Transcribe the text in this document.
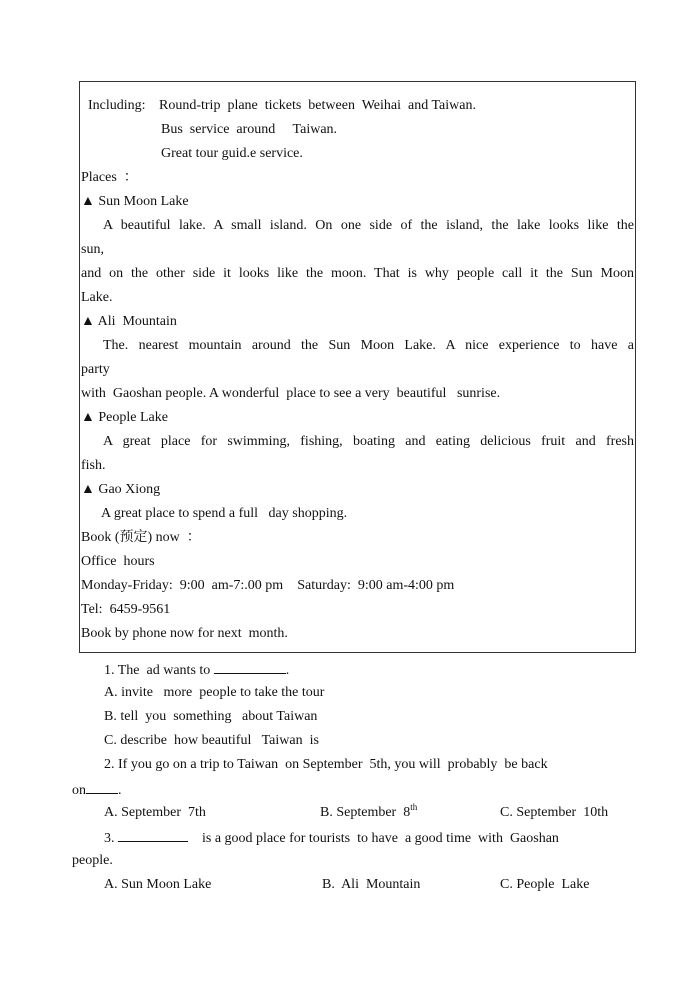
Including: Round-trip  plane  tickets  between  Weihai  and Taiwan.
Bus  service  around     Taiwan.
Great tour guid.e service.
Places  ：
▲ Sun Moon Lake
A beautiful lake. A small island. On one side of the island, the lake looks like the
sun,
and on the other side it looks like the moon. That is why people call it the Sun Moon
Lake.
▲ Ali  Mountain
The. nearest mountain around the Sun Moon Lake. A nice experience to have a
party
with  Gaoshan people. A wonderful  place to see a very  beautiful   sunrise.
▲ People Lake
A great place for swimming, fishing, boating and eating delicious fruit and fresh
fish.
▲ Gao Xiong
A great place to spend a full   day shopping.
Book (预定) now  ：
Office  hours
Monday-Friday:  9:00  am-7:.00 pm    Saturday:  9:00 am-4:00 pm
Tel:  6459-9561
Book by phone now for next  month.
1. The  ad wants to	.
A. invite   more  people to take the tour
B. tell  you  something   about Taiwan
C. describe  how beautiful   Taiwan  is
2. If you go on a trip to Taiwan  on September  5th, you will  probably  be back
on .
A. September  7th	B. September  8th	C. September  10th
3.	is a good place for tourists  to have  a good time  with  Gaoshan
people.
A. Sun Moon Lake	B.  Ali  Mountain	C. People  Lake
